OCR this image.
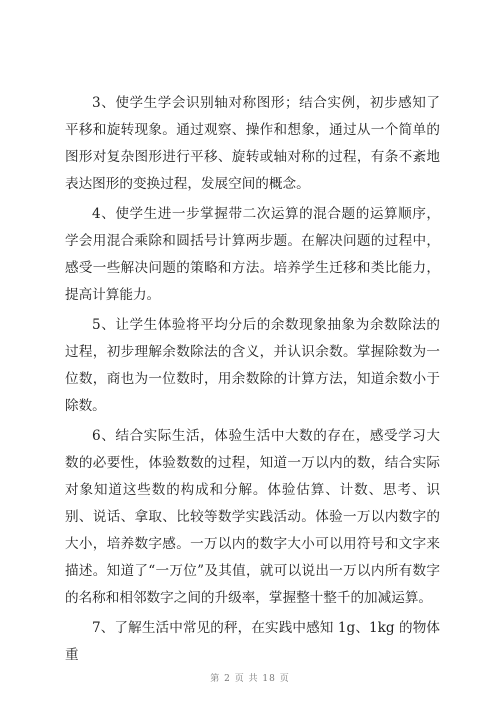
3、使学生学会识别轴对称图形；结合实例，初步感知了平移和旋转现象。通过观察、操作和想象，通过从一个简单的图形对复杂图形进行平移、旋转或轴对称的过程，有条不紊地表达图形的变换过程，发展空间的概念。

4、使学生进一步掌握带二次运算的混合题的运算顺序，学会用混合乘除和圆括号计算两步题。在解决问题的过程中，感受一些解决问题的策略和方法。培养学生迁移和类比能力，提高计算能力。

5、让学生体验将平均分后的余数现象抽象为余数除法的过程，初步理解余数除法的含义，并认识余数。掌握除数为一位数，商也为一位数时，用余数除的计算方法，知道余数小于除数。

6、结合实际生活，体验生活中大数的存在，感受学习大数的必要性，体验数数的过程，知道一万以内的数，结合实际对象知道这些数的构成和分解。体验估算、计数、思考、识别、说话、拿取、比较等数学实践活动。体验一万以内数字的大小，培养数字感。一万以内的数字大小可以用符号和文字来描述。知道了“一万位”及其值，就可以说出一万以内所有数字的名称和相邻数字之间的升级率，掌握整十整千的加减运算。

7、了解生活中常见的秤，在实践中感知 1g、1kg 的物体重

第 2 页 共 18 页
